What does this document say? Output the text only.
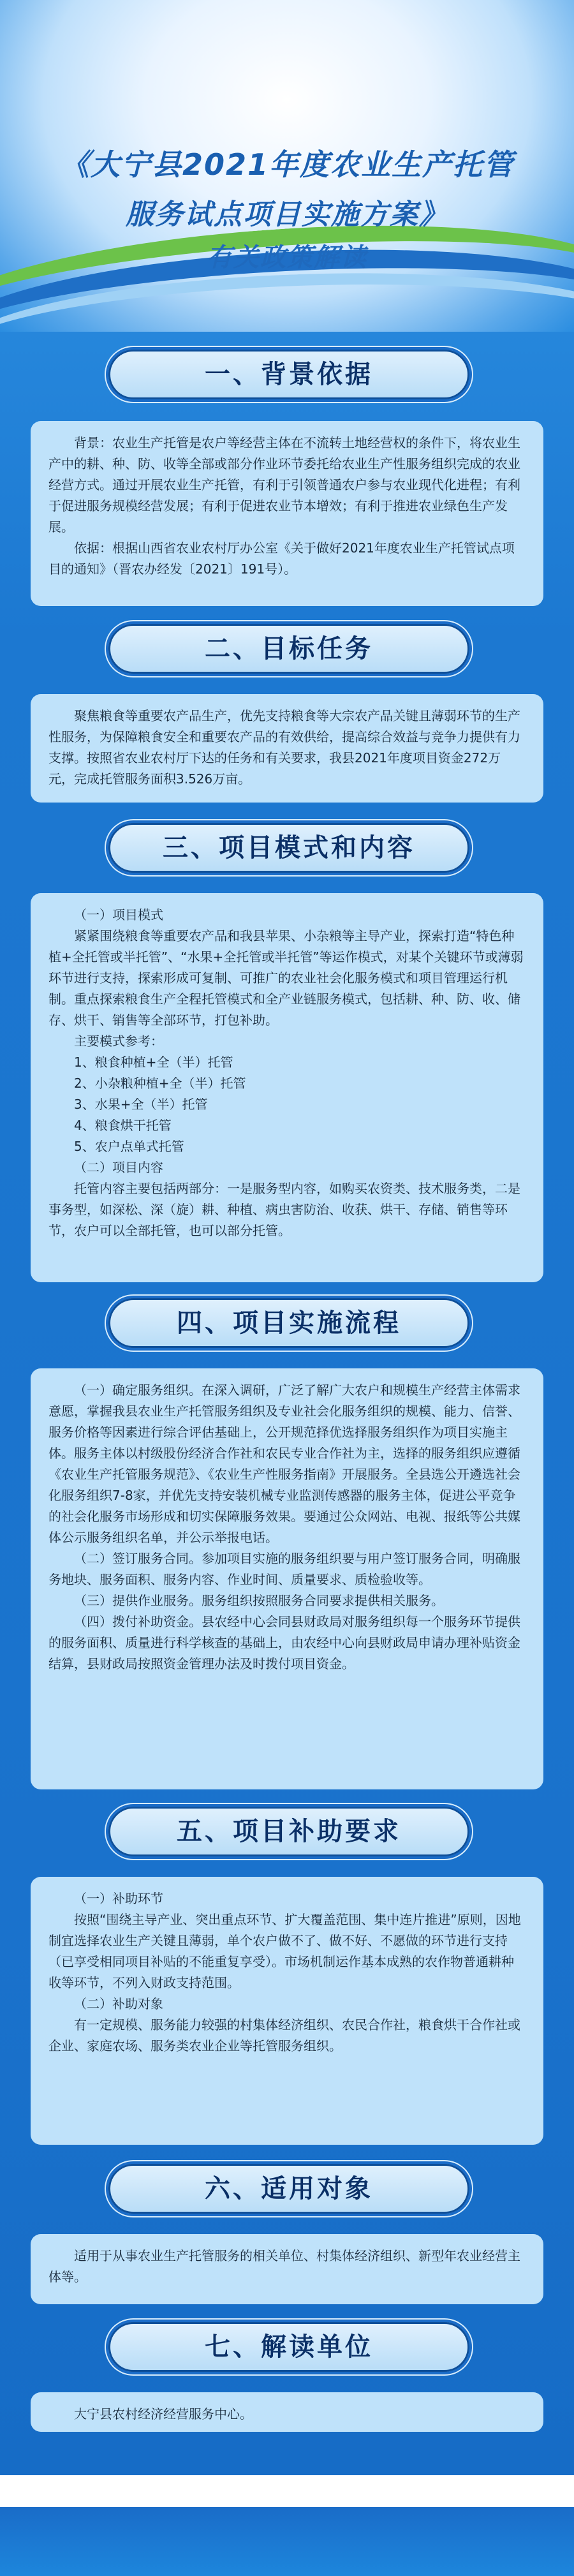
《大宁县2021年度农业生产托管
服务试点项目实施方案》
有关政策解读
一、背景依据

背景：农业生产托管是农户等经营主体在不流转土地经营权的条件下，将农业生产中的耕、种、防、收等全部或部分作业环节委托给农业生产性服务组织完成的农业经营方式。通过开展农业生产托管，有利于引领普通农户参与农业现代化进程；有利于促进服务规模经营发展；有利于促进农业节本增效；有利于推进农业绿色生产发展。

依据：根据山西省农业农村厅办公室《关于做好2021年度农业生产托管试点项目的通知》（晋农办经发〔2021〕191号）。

二、目标任务

聚焦粮食等重要农产品生产，优先支持粮食等大宗农产品关键且薄弱环节的生产性服务，为保障粮食安全和重要农产品的有效供给，提高综合效益与竞争力提供有力支撑。按照省农业农村厅下达的任务和有关要求，我县2021年度项目资金272万元，完成托管服务面积3.526万亩。

三、项目模式和内容

（一）项目模式

紧紧围绕粮食等重要农产品和我县苹果、小杂粮等主导产业，探索打造“特色种植+全托管或半托管”、“水果+全托管或半托管”等运作模式，对某个关键环节或薄弱环节进行支持，探索形成可复制、可推广的农业社会化服务模式和项目管理运行机制。重点探索粮食生产全程托管模式和全产业链服务模式，包括耕、种、防、收、储存、烘干、销售等全部环节，打包补助。

主要模式参考：

1、粮食种植+全（半）托管
2、小杂粮种植+全（半）托管
3、水果+全（半）托管
4、粮食烘干托管
5、农户点单式托管

（二）项目内容

托管内容主要包括两部分：一是服务型内容，如购买农资类、技术服务类，二是事务型，如深松、深（旋）耕、种植、病虫害防治、收获、烘干、存储、销售等环节，农户可以全部托管，也可以部分托管。

四、项目实施流程

（一）确定服务组织。在深入调研，广泛了解广大农户和规模生产经营主体需求意愿，掌握我县农业生产托管服务组织及专业社会化服务组织的规模、能力、信誉、服务价格等因素进行综合评估基础上，公开规范择优选择服务组织作为项目实施主体。服务主体以村级股份经济合作社和农民专业合作社为主，选择的服务组织应遵循《农业生产托管服务规范》、《农业生产性服务指南》开展服务。全县选公开遴选社会化服务组织7-8家，并优先支持安装机械专业监测传感器的服务主体，促进公平竞争的社会化服务市场形成和切实保障服务效果。要通过公众网站、电视、报纸等公共媒体公示服务组织名单，并公示举报电话。

（二）签订服务合同。参加项目实施的服务组织要与用户签订服务合同，明确服务地块、服务面积、服务内容、作业时间、质量要求、质检验收等。

（三）提供作业服务。服务组织按照服务合同要求提供相关服务。

（四）拨付补助资金。县农经中心会同县财政局对服务组织每一个服务环节提供的服务面积、质量进行科学核查的基础上，由农经中心向县财政局申请办理补贴资金结算，县财政局按照资金管理办法及时拨付项目资金。

五、项目补助要求

（一）补助环节

按照“围绕主导产业、突出重点环节、扩大覆盖范围、集中连片推进”原则，因地制宜选择农业生产关键且薄弱，单个农户做不了、做不好、不愿做的环节进行支持（已享受相同项目补贴的不能重复享受）。市场机制运作基本成熟的农作物普通耕种收等环节，不列入财政支持范围。

（二）补助对象

有一定规模、服务能力较强的村集体经济组织、农民合作社，粮食烘干合作社或企业、家庭农场、服务类农业企业等托管服务组织。

六、适用对象

适用于从事农业生产托管服务的相关单位、村集体经济组织、新型年农业经营主体等。

七、解读单位

大宁县农村经济经营服务中心。
